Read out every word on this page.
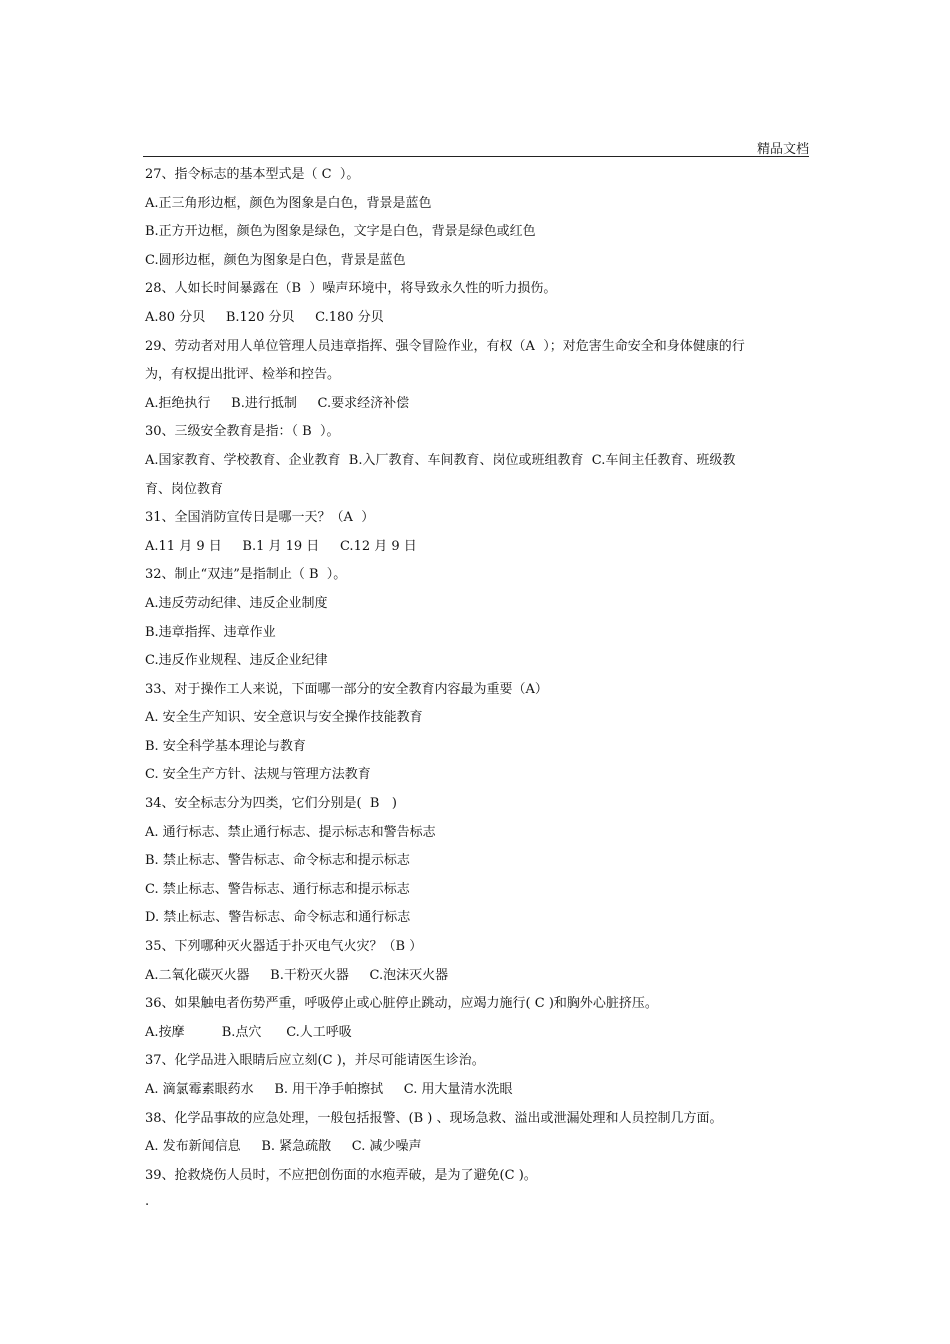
精品文档

27、指令标志的基本型式是（ C  ）。

A.正三角形边框，颜色为图象是白色，背景是蓝色

B.正方开边框，颜色为图象是绿色，文字是白色，背景是绿色或红色

C.圆形边框，颜色为图象是白色，背景是蓝色

28、人如长时间暴露在（B  ）噪声环境中，将导致永久性的听力损伤。

A.80 分贝     B.120 分贝     C.180 分贝

29、劳动者对用人单位管理人员违章指挥、强令冒险作业，有权（A  ）；对危害生命安全和身体健康的行

为，有权提出批评、检举和控告。

A.拒绝执行     B.进行抵制     C.要求经济补偿

30、三级安全教育是指：（ B  ）。

A.国家教育、学校教育、企业教育  B.入厂教育、车间教育、岗位或班组教育  C.车间主任教育、班级教

育、岗位教育

31、全国消防宣传日是哪一天？（A  ）

A.11 月 9 日     B.1 月 19 日     C.12 月 9 日

32、制止“双违”是指制止（ B  ）。

A.违反劳动纪律、违反企业制度

B.违章指挥、违章作业

C.违反作业规程、违反企业纪律

33、对于操作工人来说，下面哪一部分的安全教育内容最为重要（A）

A. 安全生产知识、安全意识与安全操作技能教育

B. 安全科学基本理论与教育

C. 安全生产方针、法规与管理方法教育

34、安全标志分为四类，它们分别是(  B   )

A. 通行标志、禁止通行标志、提示标志和警告标志

B. 禁止标志、警告标志、命令标志和提示标志

C. 禁止标志、警告标志、通行标志和提示标志

D. 禁止标志、警告标志、命令标志和通行标志

35、下列哪种灭火器适于扑灭电气火灾？（B ）

A.二氧化碳灭火器     B.干粉灭火器     C.泡沫灭火器

36、如果触电者伤势严重，呼吸停止或心脏停止跳动，应竭力施行( C )和胸外心脏挤压。

A.按摩         B.点穴      C.人工呼吸

37、化学品进入眼睛后应立刻(C )，并尽可能请医生诊治。

A. 滴氯霉素眼药水     B. 用干净手帕擦拭     C. 用大量清水洗眼

38、化学品事故的应急处理，一般包括报警、(B ) 、现场急救、溢出或泄漏处理和人员控制几方面。

A. 发布新闻信息     B. 紧急疏散     C. 减少噪声

39、抢救烧伤人员时，不应把创伤面的水疱弄破，是为了避免(C )。

.
